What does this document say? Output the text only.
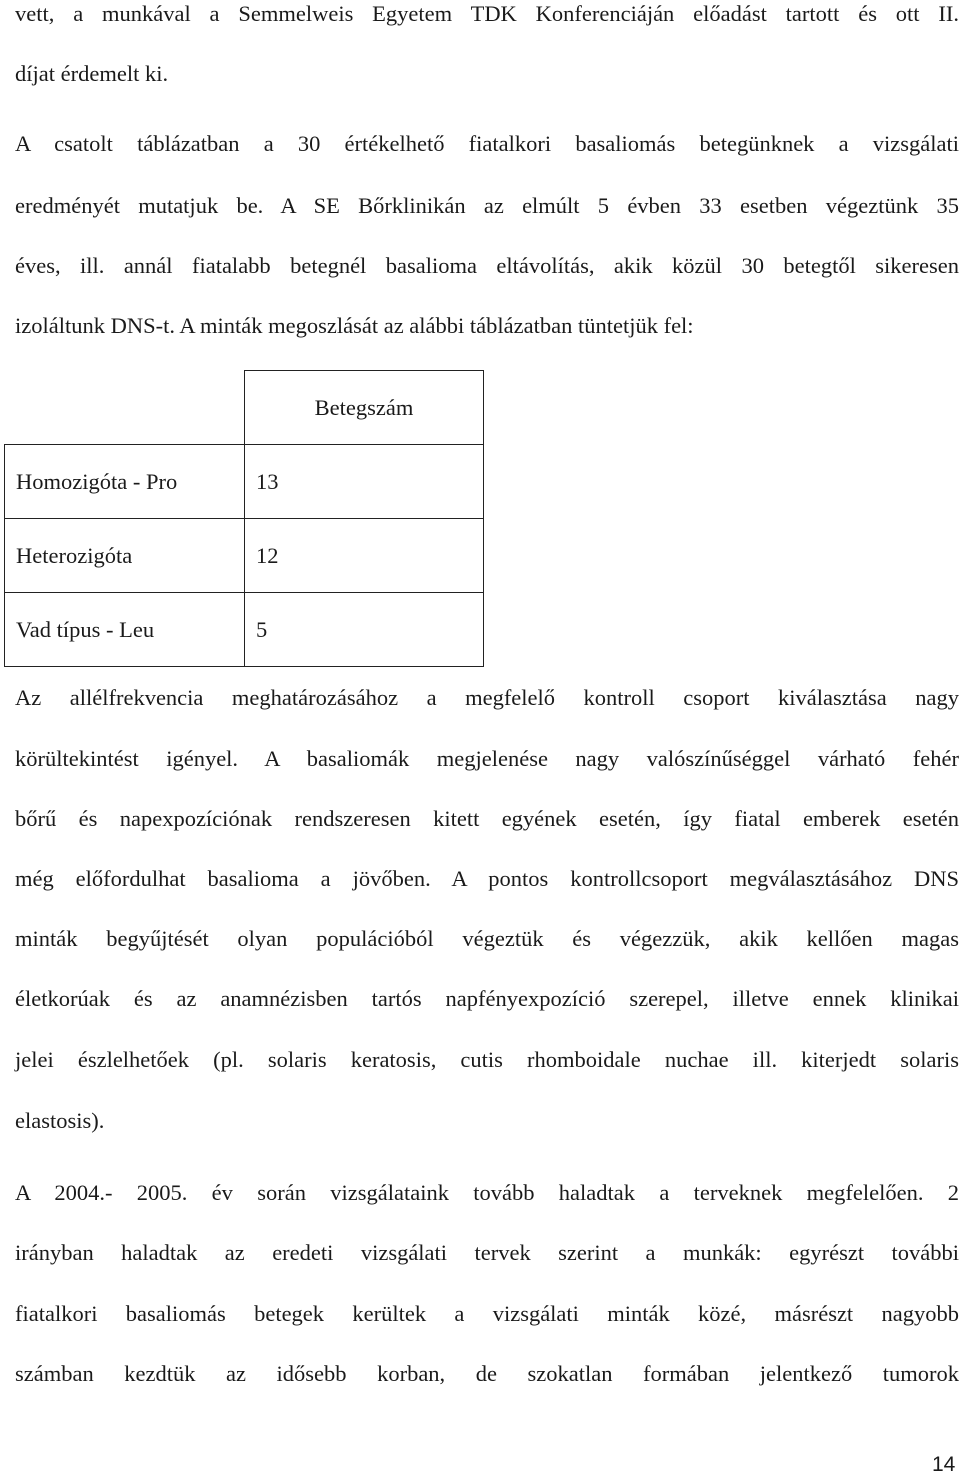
vett, a munkával a Semmelweis Egyetem TDK Konferenciáján előadást tartott és ott II.
díjat érdemelt ki.
A csatolt táblázatban a 30 értékelhető fiatalkori basaliomás betegünknek a vizsgálati
eredményét mutatjuk be. A SE Bőrklinikán az elmúlt 5 évben 33 esetben végeztünk 35
éves, ill. annál fiatalabb betegnél basalioma eltávolítás, akik közül 30 betegtől sikeresen
izoláltunk DNS-t. A minták megoszlását az alábbi táblázatban tüntetjük fel:
Az allélfrekvencia meghatározásához a megfelelő kontroll csoport kiválasztása nagy
körültekintést igényel. A basaliomák megjelenése nagy valószínűséggel várható fehér
bőrű és napexpozíciónak rendszeresen kitett egyének esetén, így fiatal emberek esetén
még előfordulhat basalioma a jövőben. A pontos kontrollcsoport megválasztásához DNS
minták begyűjtését olyan populációból végeztük és végezzük, akik kellően magas
életkorúak és az anamnézisben tartós napfényexpozíció szerepel, illetve ennek klinikai
jelei észlelhetőek (pl. solaris keratosis, cutis rhomboidale nuchae ill. kiterjedt solaris
elastosis).
A 2004.- 2005. év során vizsgálataink tovább haladtak a terveknek megfelelően. 2
irányban haladtak az eredeti vizsgálati tervek szerint a munkák: egyrészt további
fiatalkori basaliomás betegek kerültek a vizsgálati minták közé, másrészt nagyobb
számban kezdtük az idősebb korban, de szokatlan formában jelentkező tumorok
	Betegszám
Homozigóta - Pro	13
Heterozigóta	12
Vad típus - Leu	5
14
